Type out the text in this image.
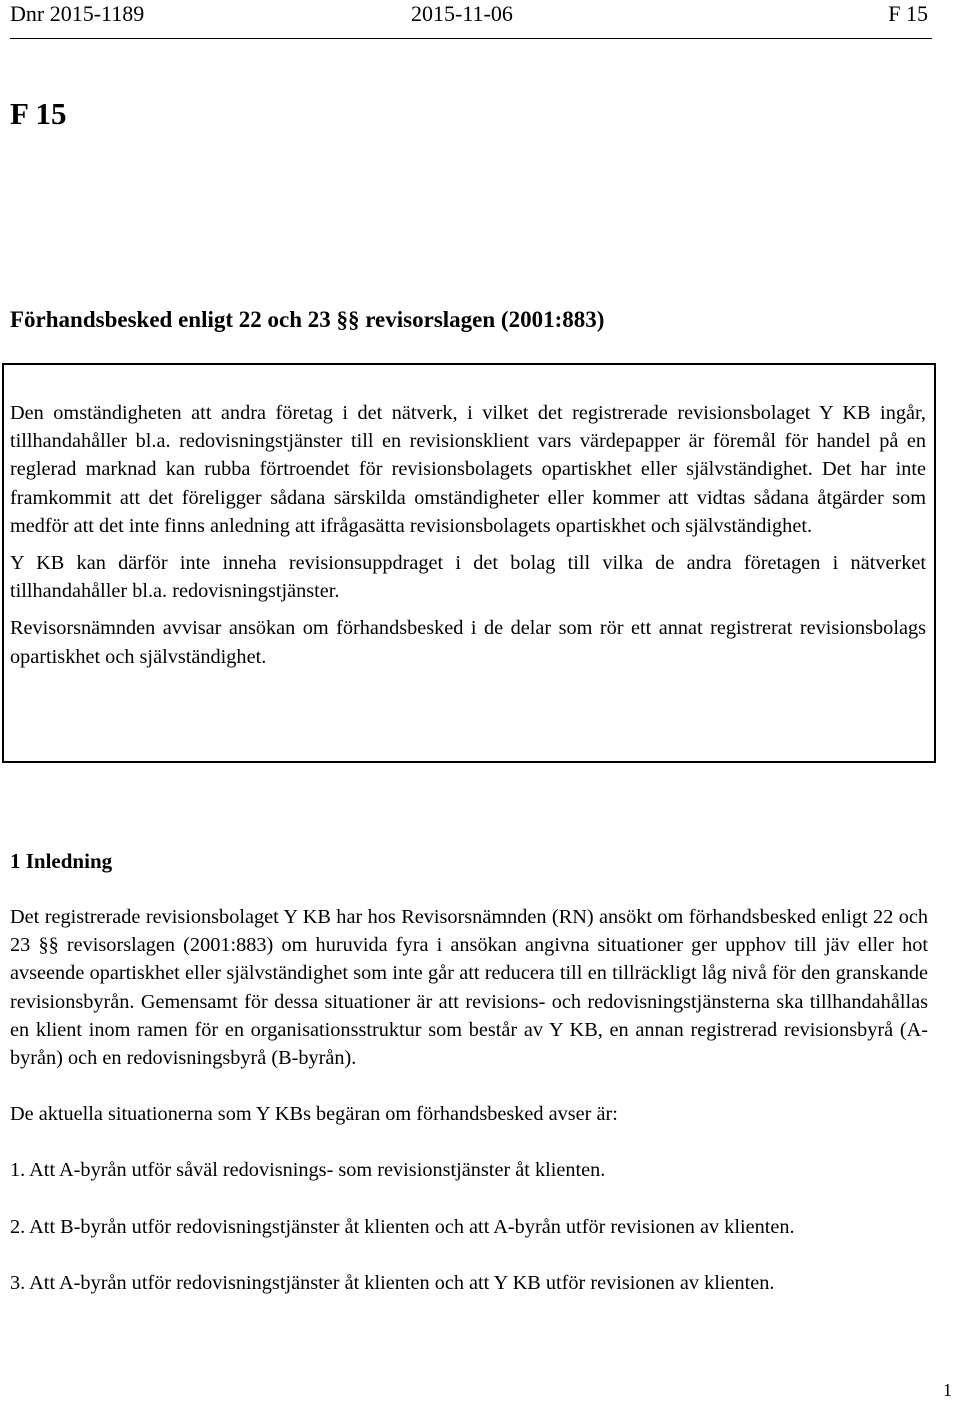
Dnr 2015-1189	2015-11-06	F 15
F 15
Förhandsbesked enligt 22 och 23 §§ revisorslagen (2001:883)

Den omständigheten att andra företag i det nätverk, i vilket det registrerade revisionsbolaget Y KB ingår, tillhandahåller bl.a. redovisningstjänster till en revisionsklient vars värdepapper är föremål för handel på en reglerad marknad kan rubba förtroendet för revisionsbolagets opartiskhet eller självständighet. Det har inte framkommit att det föreligger sådana särskilda omständigheter eller kommer att vidtas sådana åtgärder som medför att det inte finns anledning att ifrågasätta revisionsbolagets opartiskhet och självständighet.

Y KB kan därför inte inneha revisionsuppdraget i det bolag till vilka de andra företagen i nätverket tillhandahåller bl.a. redovisningstjänster.

Revisorsnämnden avvisar ansökan om förhandsbesked i de delar som rör ett annat registrerat revisionsbolags opartiskhet och självständighet.

1 Inledning

Det registrerade revisionsbolaget Y KB har hos Revisorsnämnden (RN) ansökt om förhandsbesked enligt 22 och 23 §§ revisorslagen (2001:883) om huruvida fyra i ansökan angivna situationer ger upphov till jäv eller hot avseende opartiskhet eller självständighet som inte går att reducera till en tillräckligt låg nivå för den granskande revisionsbyrån. Gemensamt för dessa situationer är att revisions- och redovisningstjänsterna ska tillhandahållas en klient inom ramen för en organisationsstruktur som består av Y KB, en annan registrerad revisionsbyrå (A-byrån) och en redovisningsbyrå (B-byrån).

De aktuella situationerna som Y KBs begäran om förhandsbesked avser är:

1. Att A-byrån utför såväl redovisnings- som revisionstjänster åt klienten.

2. Att B-byrån utför redovisningstjänster åt klienten och att A-byrån utför revisionen av klienten.

3. Att A-byrån utför redovisningstjänster åt klienten och att Y KB utför revisionen av klienten.

1
